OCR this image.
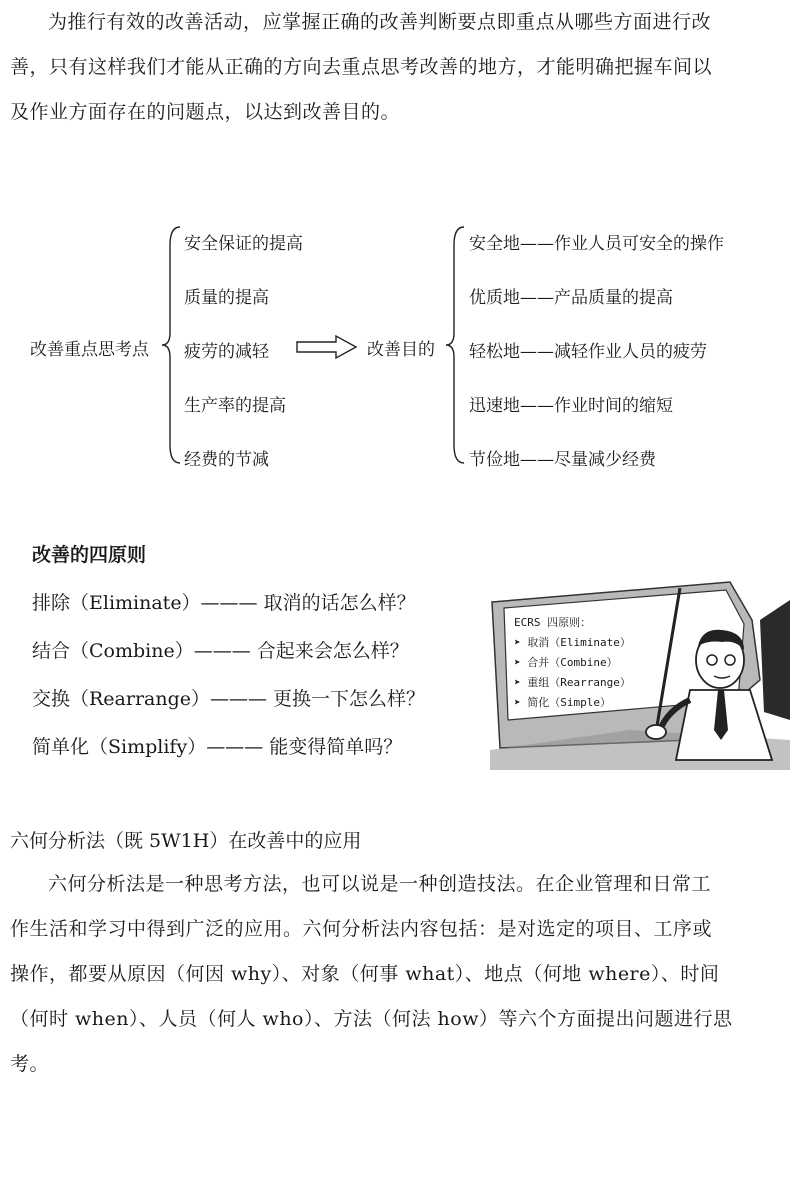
为推行有效的改善活动，应掌握正确的改善判断要点即重点从哪些方面进行改

善，只有这样我们才能从正确的方向去重点思考改善的地方，才能明确把握车间以

及作业方面存在的问题点，以达到改善目的。

改善重点思考点
安全保证的提高
质量的提高
疲劳的减轻
生产率的提高
经费的节减
改善目的
安全地——作业人员可安全的操作
优质地——产品质量的提高
轻松地——减轻作业人员的疲劳
迅速地——作业时间的缩短
节俭地——尽量减少经费
改善的四原则
排除（Eliminate）——— 取消的话怎么样？
结合（Combine）——— 合起来会怎么样？
交换（Rearrange）——— 更换一下怎么样？
简单化（Simplify）——— 能变得简单吗？
ECRS 四原则：
➤ 取消（Eliminate）
➤ 合并（Combine）
➤ 重组（Rearrange）
➤ 简化（Simple）
六何分析法（既 5W1H）在改善中的应用

六何分析法是一种思考方法，也可以说是一种创造技法。在企业管理和日常工

作生活和学习中得到广泛的应用。六何分析法内容包括：是对选定的项目、工序或

操作，都要从原因（何因 why）、对象（何事 what）、地点（何地 where）、时间

（何时 when）、人员（何人 who）、方法（何法 how）等六个方面提出问题进行思

考。
